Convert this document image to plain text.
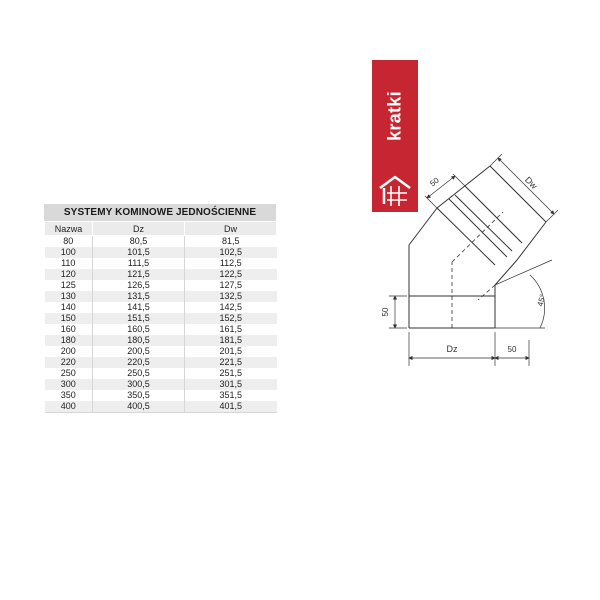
SYSTEMY KOMINOWE JEDNOŚCIENNE
Nazwa	Dz	Dw
80	80,5	81,5
100	101,5	102,5
110	111,5	112,5
120	121,5	122,5
125	126,5	127,5
130	131,5	132,5
140	141,5	142,5
150	151,5	152,5
160	160,5	161,5
180	180,5	181,5
200	200,5	201,5
220	220,5	221,5
250	250,5	251,5
300	300,5	301,5
350	350,5	351,5
400	400,5	401,5
kratki
Dz	50
50
50	Dw
45°
